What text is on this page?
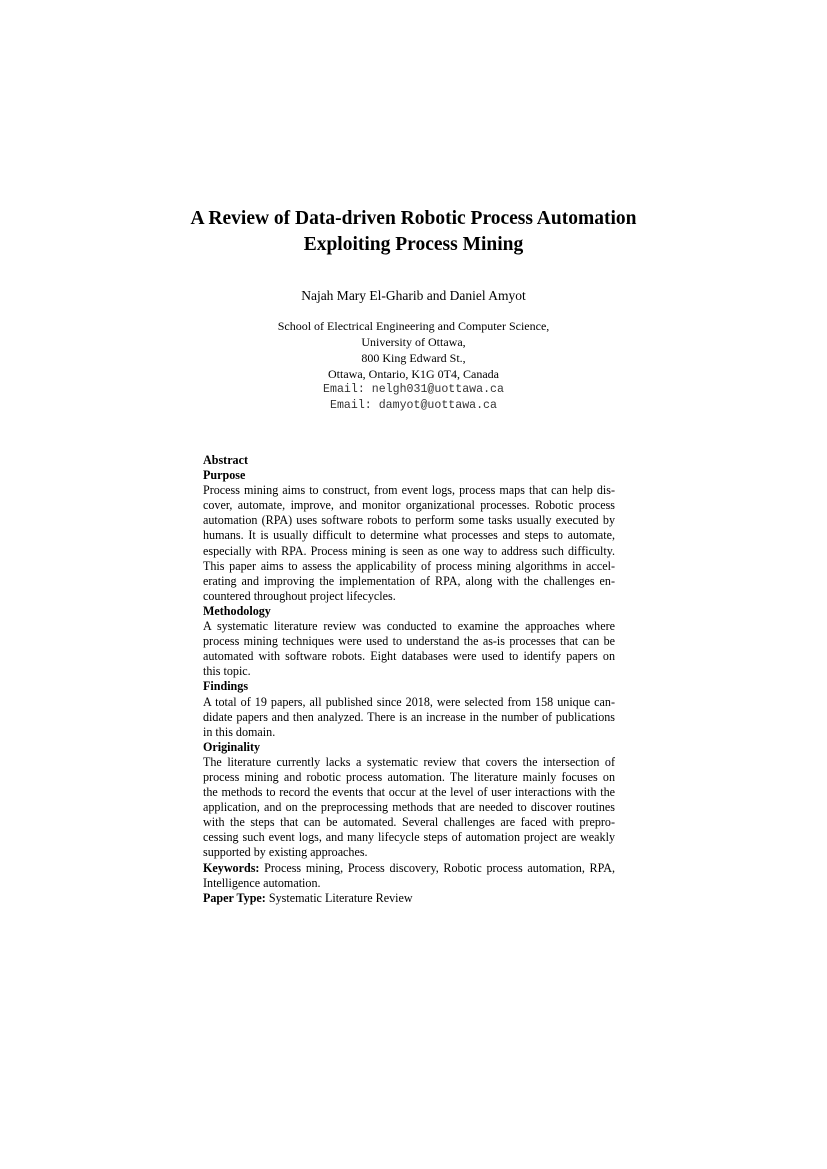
A Review of Data-driven Robotic Process Automation
Exploiting Process Mining
Najah Mary El-Gharib and Daniel Amyot
School of Electrical Engineering and Computer Science,
University of Ottawa,
800 King Edward St.,
Ottawa, Ontario, K1G 0T4, Canada
Email: nelgh031@uottawa.ca
Email: damyot@uottawa.ca
Abstract
Purpose
Process mining aims to construct, from event logs, process maps that can help dis-
cover, automate, improve, and monitor organizational processes. Robotic process
automation (RPA) uses software robots to perform some tasks usually executed by
humans. It is usually difficult to determine what processes and steps to automate,
especially with RPA. Process mining is seen as one way to address such difficulty.
This paper aims to assess the applicability of process mining algorithms in accel-
erating and improving the implementation of RPA, along with the challenges en-
countered throughout project lifecycles.
Methodology
A systematic literature review was conducted to examine the approaches where
process mining techniques were used to understand the as-is processes that can be
automated with software robots. Eight databases were used to identify papers on
this topic.
Findings
A total of 19 papers, all published since 2018, were selected from 158 unique can-
didate papers and then analyzed. There is an increase in the number of publications
in this domain.
Originality
The literature currently lacks a systematic review that covers the intersection of
process mining and robotic process automation. The literature mainly focuses on
the methods to record the events that occur at the level of user interactions with the
application, and on the preprocessing methods that are needed to discover routines
with the steps that can be automated. Several challenges are faced with prepro-
cessing such event logs, and many lifecycle steps of automation project are weakly
supported by existing approaches.
Keywords: Process mining, Process discovery, Robotic process automation, RPA,
Intelligence automation.
Paper Type: Systematic Literature Review
